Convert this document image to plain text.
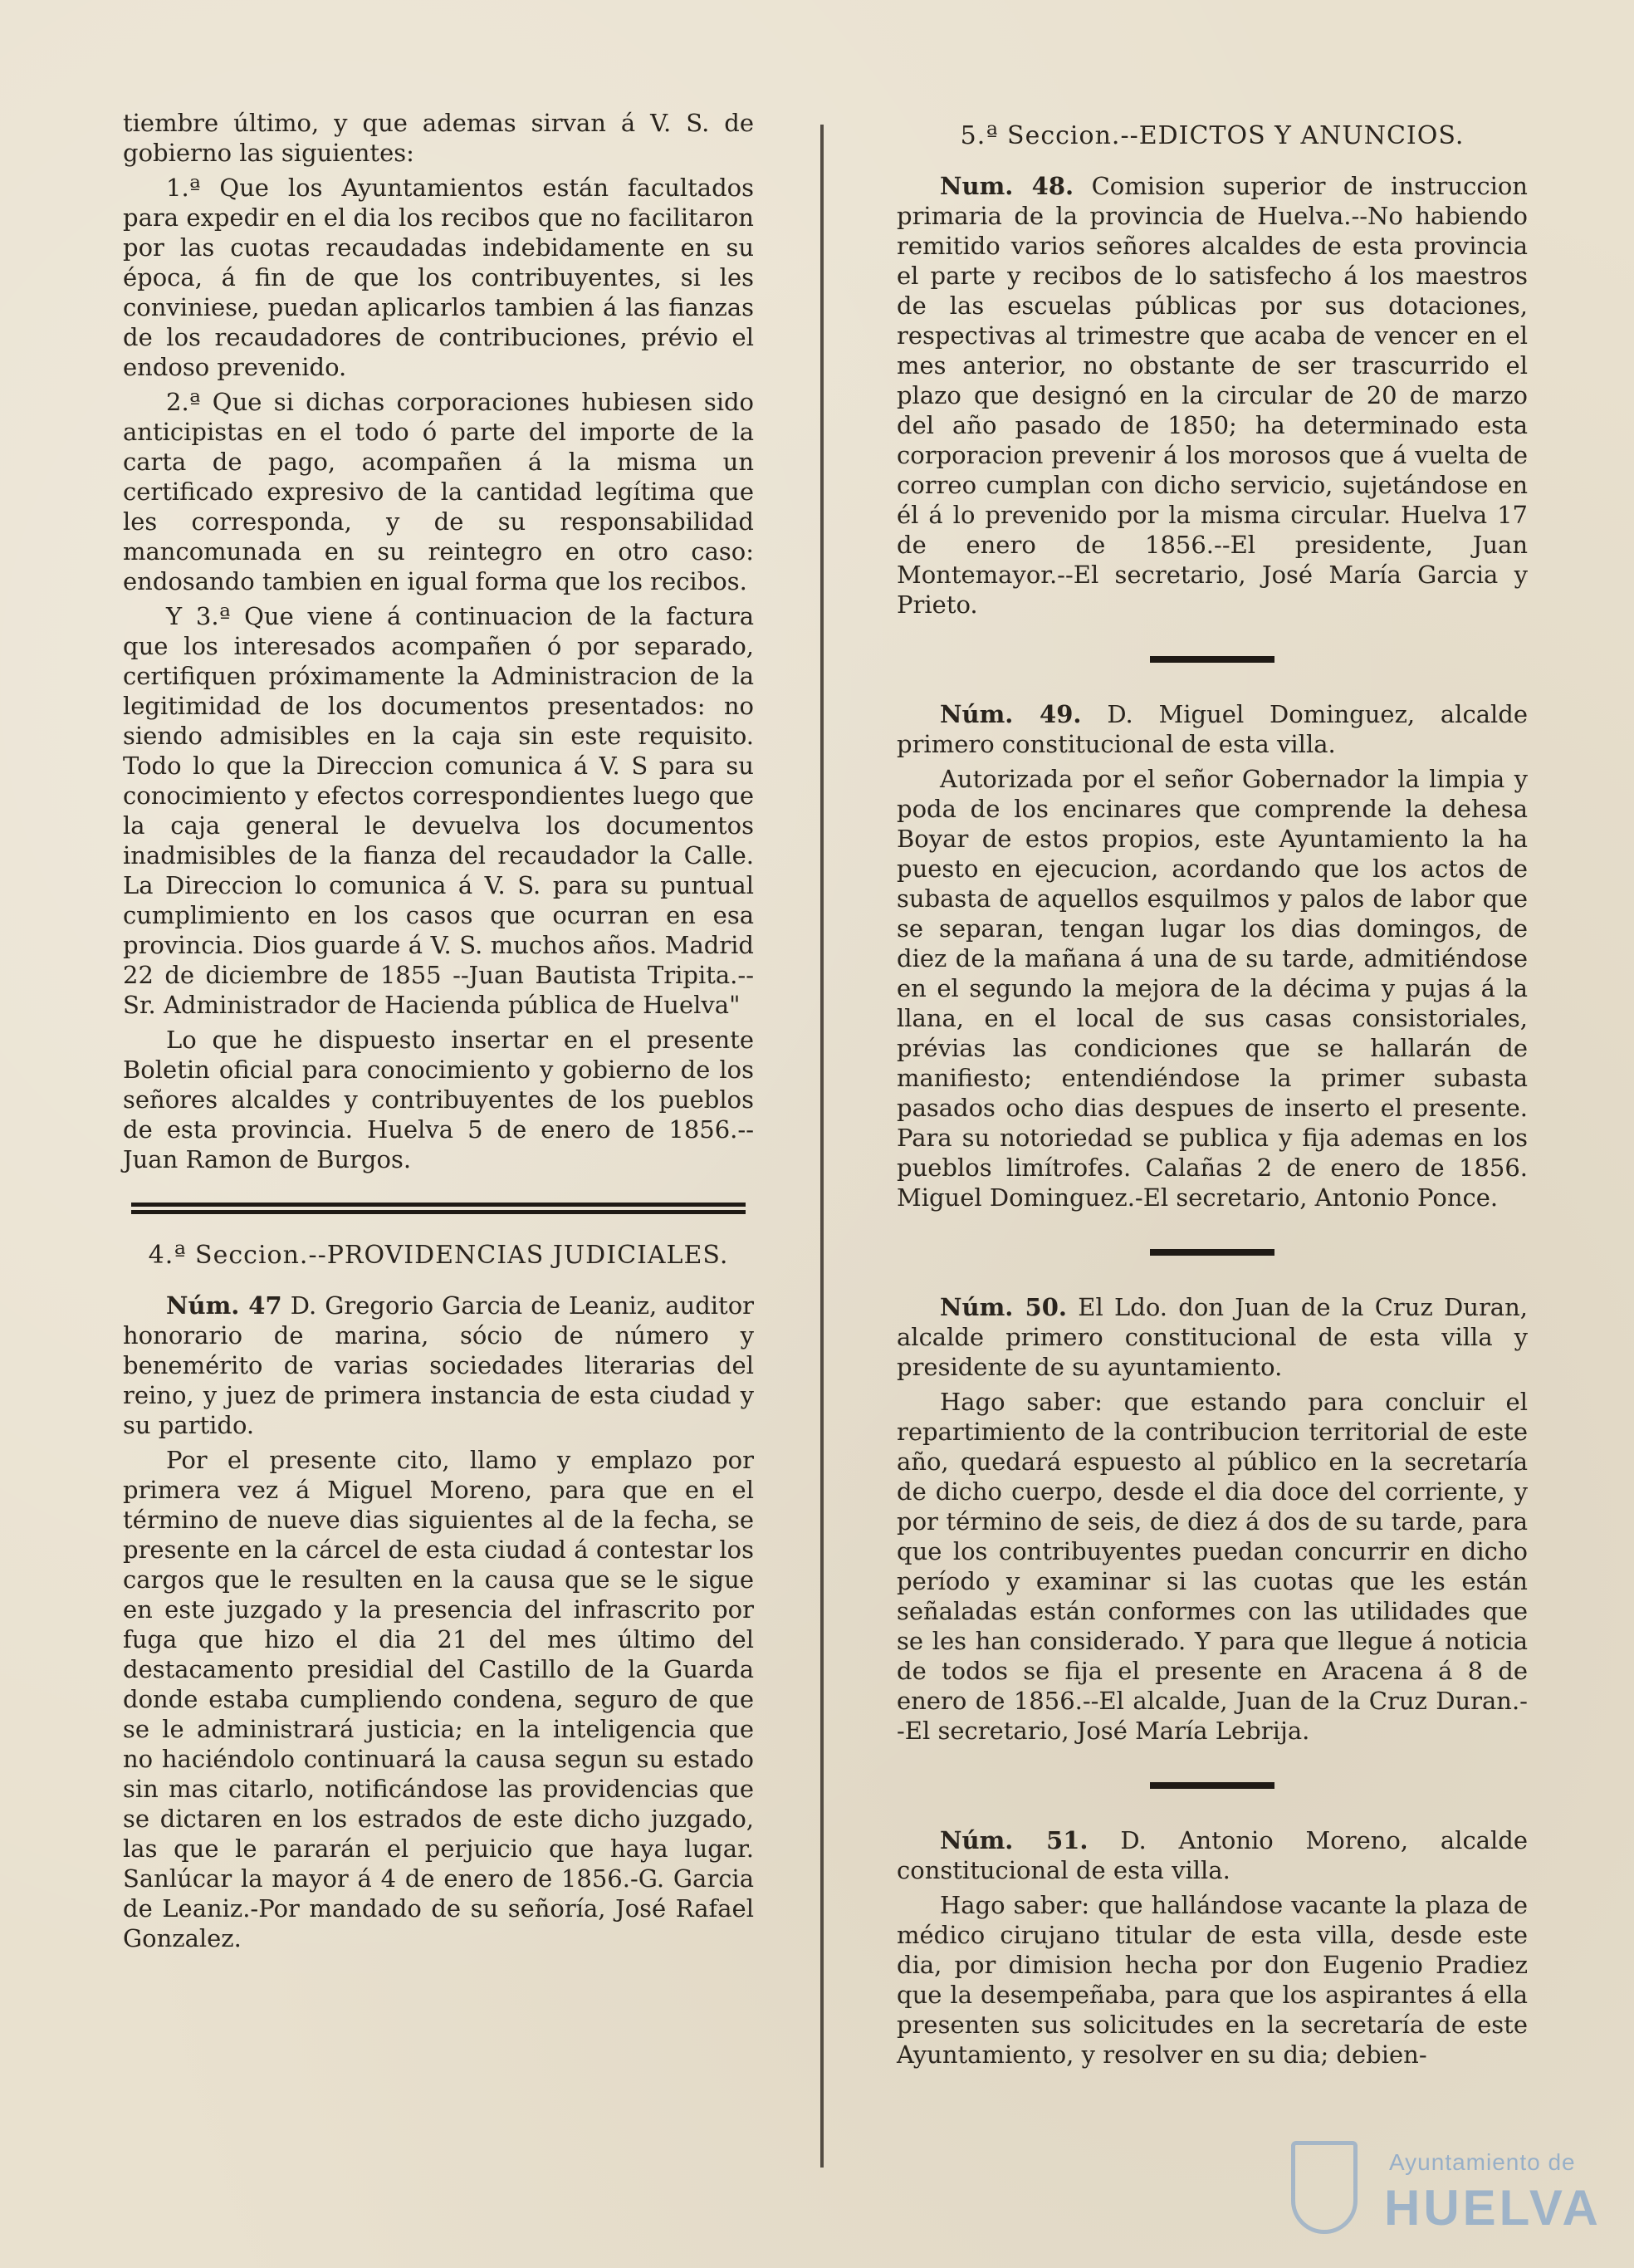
tiembre último, y que ademas sirvan á V. S. de gobierno las siguientes:

1.ª Que los Ayuntamientos están facultados para expedir en el dia los recibos que no facilitaron por las cuotas recaudadas indebidamente en su época, á fin de que los contribuyentes, si les conviniese, puedan aplicarlos tambien á las fianzas de los recaudadores de contribuciones, prévio el endoso prevenido.

2.ª Que si dichas corporaciones hubiesen sido anticipistas en el todo ó parte del importe de la carta de pago, acompañen á la misma un certificado expresivo de la cantidad legítima que les corresponda, y de su responsabilidad mancomunada en su reintegro en otro caso: endosando tambien en igual forma que los recibos.

Y 3.ª Que viene á continuacion de la factura que los interesados acompañen ó por separado, certifiquen próximamente la Administracion de la legitimidad de los documentos presentados: no siendo admisibles en la caja sin este requisito. Todo lo que la Direccion comunica á V. S para su conocimiento y efectos correspondientes luego que la caja general le devuelva los documentos inadmisibles de la fianza del recaudador la Calle. La Direccion lo comunica á V. S. para su puntual cumplimiento en los casos que ocurran en esa provincia. Dios guarde á V. S. muchos años. Madrid 22 de diciembre de 1855 --Juan Bautista Tripita.--Sr. Administrador de Hacienda pública de Huelva"

Lo que he dispuesto insertar en el presente Boletin oficial para conocimiento y gobierno de los señores alcaldes y contribuyentes de los pueblos de esta provincia. Huelva 5 de enero de 1856.--Juan Ramon de Burgos.

4.ª Seccion.--PROVIDENCIAS JUDICIALES.

Núm. 47 D. Gregorio Garcia de Leaniz, auditor honorario de marina, sócio de número y benemérito de varias sociedades literarias del reino, y juez de primera instancia de esta ciudad y su partido.

Por el presente cito, llamo y emplazo por primera vez á Miguel Moreno, para que en el término de nueve dias siguientes al de la fecha, se presente en la cárcel de esta ciudad á contestar los cargos que le resulten en la causa que se le sigue en este juzgado y la presencia del infrascrito por fuga que hizo el dia 21 del mes último del destacamento presidial del Castillo de la Guarda donde estaba cumpliendo condena, seguro de que se le administrará justicia; en la inteligencia que no haciéndolo continuará la causa segun su estado sin mas citarlo, notificándose las providencias que se dictaren en los estrados de este dicho juzgado, las que le pararán el perjuicio que haya lugar. Sanlúcar la mayor á 4 de enero de 1856.-G. Garcia de Leaniz.-Por mandado de su señoría, José Rafael Gonzalez.

5.ª Seccion.--EDICTOS Y ANUNCIOS.

Num. 48. Comision superior de instruccion primaria de la provincia de Huelva.--No habiendo remitido varios señores alcaldes de esta provincia el parte y recibos de lo satisfecho á los maestros de las escuelas públicas por sus dotaciones, respectivas al trimestre que acaba de vencer en el mes anterior, no obstante de ser trascurrido el plazo que designó en la circular de 20 de marzo del año pasado de 1850; ha determinado esta corporacion prevenir á los morosos que á vuelta de correo cumplan con dicho servicio, sujetándose en él á lo prevenido por la misma circular. Huelva 17 de enero de 1856.--El presidente, Juan Montemayor.--El secretario, José María Garcia y Prieto.

Núm. 49. D. Miguel Dominguez, alcalde primero constitucional de esta villa.

Autorizada por el señor Gobernador la limpia y poda de los encinares que comprende la dehesa Boyar de estos propios, este Ayuntamiento la ha puesto en ejecucion, acordando que los actos de subasta de aquellos esquilmos y palos de labor que se separan, tengan lugar los dias domingos, de diez de la mañana á una de su tarde, admitiéndose en el segundo la mejora de la décima y pujas á la llana, en el local de sus casas consistoriales, prévias las condiciones que se hallarán de manifiesto; entendiéndose la primer subasta pasados ocho dias despues de inserto el presente. Para su notoriedad se publica y fija ademas en los pueblos limítrofes. Calañas 2 de enero de 1856. Miguel Dominguez.-El secretario, Antonio Ponce.

Núm. 50. El Ldo. don Juan de la Cruz Duran, alcalde primero constitucional de esta villa y presidente de su ayuntamiento.

Hago saber: que estando para concluir el repartimiento de la contribucion territorial de este año, quedará espuesto al público en la secretaría de dicho cuerpo, desde el dia doce del corriente, y por término de seis, de diez á dos de su tarde, para que los contribuyentes puedan concurrir en dicho período y examinar si las cuotas que les están señaladas están conformes con las utilidades que se les han considerado. Y para que llegue á noticia de todos se fija el presente en Aracena á 8 de enero de 1856.--El alcalde, Juan de la Cruz Duran.--El secretario, José María Lebrija.

Núm. 51. D. Antonio Moreno, alcalde constitucional de esta villa.

Hago saber: que hallándose vacante la plaza de médico cirujano titular de esta villa, desde este dia, por dimision hecha por don Eugenio Pradiez que la desempeñaba, para que los aspirantes á ella presenten sus solicitudes en la secretaría de este Ayuntamiento, y resolver en su dia; debien-

Ayuntamiento de
HUELVA
